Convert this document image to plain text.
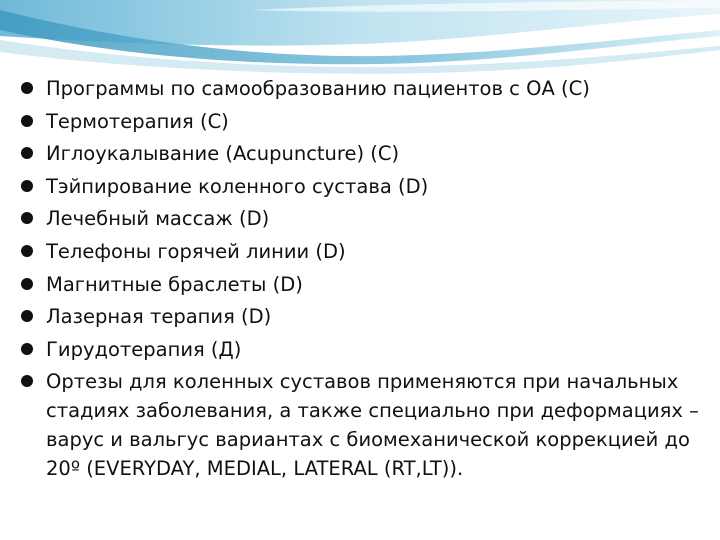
Программы по самообразованию пациентов с ОА (С)
Термотерапия (С)
Иглоукалывание (Acupuncture) (C)
Тэйпирование коленного сустава (D)
Лечебный массаж (D)
Телефоны горячей линии (D)
Магнитные браслеты (D)
Лазерная терапия (D)
Гирудотерапия (Д)
Ортезы для коленных суставов применяются при начальных стадиях заболевания, а также специально при деформациях – варус и вальгус вариантах с биомеханической коррекцией до 20º (EVERYDAY, MEDIAL, LATERAL (RT,LT)).
